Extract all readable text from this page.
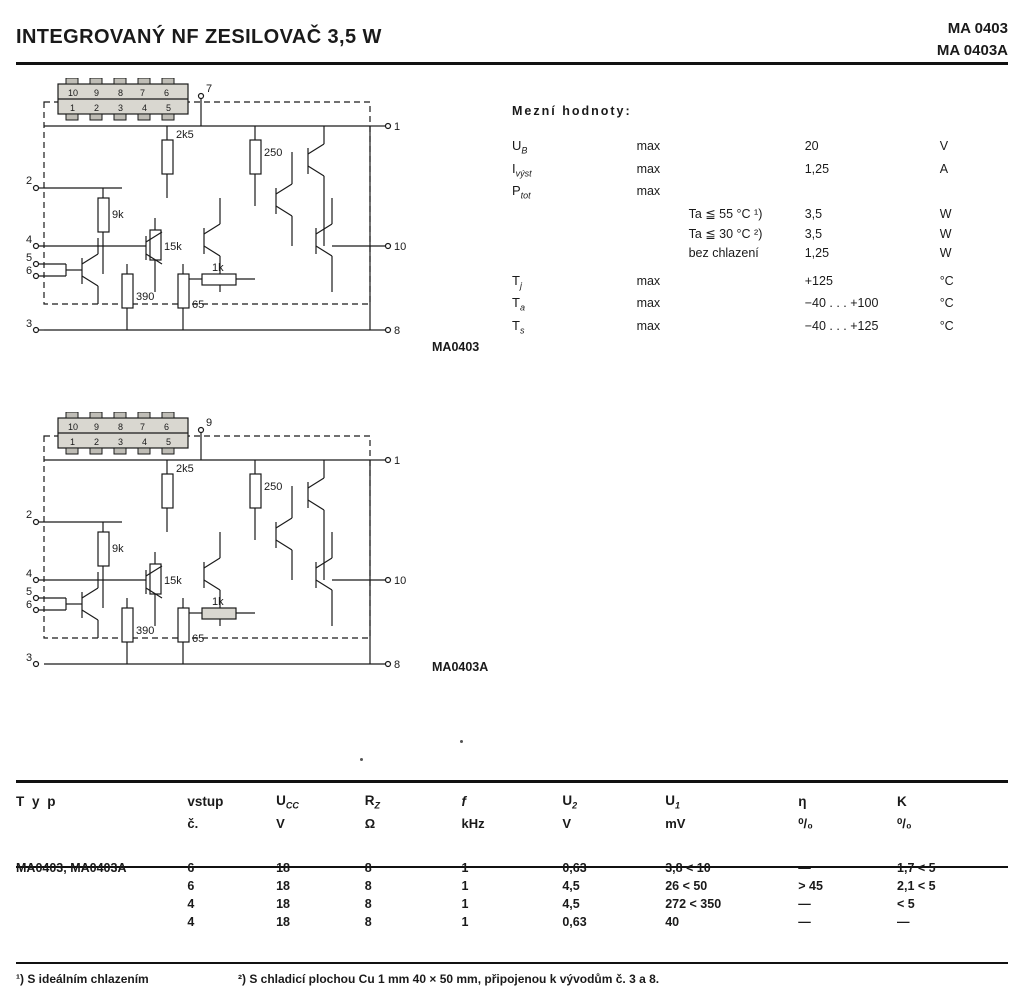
INTEGROVANÝ NF ZESILOVAČ 3,5 W	MA 0403
MA 0403A
10 9 8 7 6
1 2 3 4 5
7
1
10
8
2
4
5
6
3
2k5
250
9k
15k
1k
390
65
MA0403
10 9 8 7 6
1 2 3 4 5
9
1
10
8
2
4
5
6
3
2k5
250
9k
15k
1k
390
65
MA0403A
Mezní hodnoty:
$U_B$	max	20	V
$I_{výst}$	max	1,25	A
$P_{tot}$	max		
	Ta ≦ 55 °C ¹)	3,5	W
	Ta ≦ 30 °C ²)	3,5	W
	bez chlazení	1,25	W

$T_j$	max	+125	°C
$T_a$	max	−40 . . . +100	°C
$T_s$	max	−40 . . . +125	°C
T y p	vstup	$U_{CC}$	$R_Z$	f	$U_2$	$U_1$	η	K
	č.	V	Ω	kHz	V	mV	⁰/₀	⁰/₀

MA0403, MA0403A	6	18	8	1	0,63	3,8 < 10	—	1,7 < 5
	6	18	8	1	4,5	26 < 50	> 45	2,1 < 5
	4	18	8	1	4,5	272 < 350	—	< 5
	4	18	8	1	0,63	40	—	—
¹) S ideálním chlazením	²) S chladicí plochou Cu 1 mm 40 × 50 mm, připojenou k vývodům č. 3 a 8.
